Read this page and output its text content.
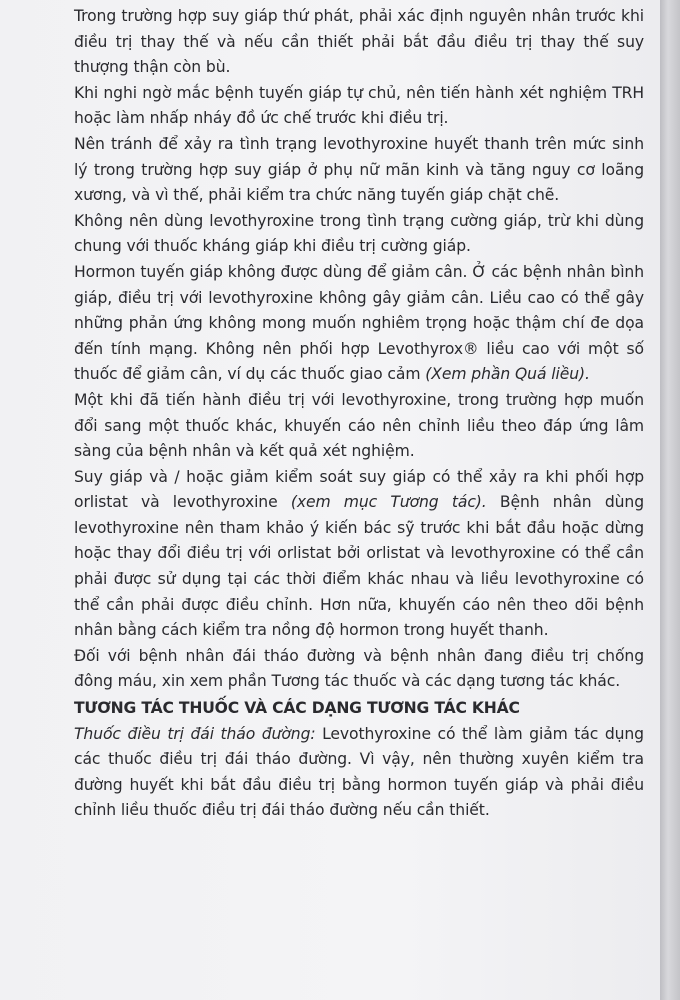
Trong trường hợp suy giáp thứ phát, phải xác định nguyên nhân trước khi điều trị thay thế và nếu cần thiết phải bắt đầu điều trị thay thế suy thượng thận còn bù.

Khi nghi ngờ mắc bệnh tuyến giáp tự chủ, nên tiến hành xét nghiệm TRH hoặc làm nhấp nháy đồ ức chế trước khi điều trị.

Nên tránh để xảy ra tình trạng levothyroxine huyết thanh trên mức sinh lý trong trường hợp suy giáp ở phụ nữ mãn kinh và tăng nguy cơ loãng xương, và vì thế, phải kiểm tra chức năng tuyến giáp chặt chẽ.

Không nên dùng levothyroxine trong tình trạng cường giáp, trừ khi dùng chung với thuốc kháng giáp khi điều trị cường giáp.

Hormon tuyến giáp không được dùng để giảm cân. Ở các bệnh nhân bình giáp, điều trị với levothyroxine không gây giảm cân. Liều cao có thể gây những phản ứng không mong muốn nghiêm trọng hoặc thậm chí đe dọa đến tính mạng. Không nên phối hợp Levothyrox® liều cao với một số thuốc để giảm cân, ví dụ các thuốc giao cảm (Xem phần Quá liều).

Một khi đã tiến hành điều trị với levothyroxine, trong trường hợp muốn đổi sang một thuốc khác, khuyến cáo nên chỉnh liều theo đáp ứng lâm sàng của bệnh nhân và kết quả xét nghiệm.

Suy giáp và / hoặc giảm kiểm soát suy giáp có thể xảy ra khi phối hợp orlistat và levothyroxine (xem mục Tương tác). Bệnh nhân dùng levothyroxine nên tham khảo ý kiến bác sỹ trước khi bắt đầu hoặc dừng hoặc thay đổi điều trị với orlistat bởi orlistat và levothyroxine có thể cần phải được sử dụng tại các thời điểm khác nhau và liều levothyroxine có thể cần phải được điều chỉnh. Hơn nữa, khuyến cáo nên theo dõi bệnh nhân bằng cách kiểm tra nồng độ hormon trong huyết thanh.

Đối với bệnh nhân đái tháo đường và bệnh nhân đang điều trị chống đông máu, xin xem phần Tương tác thuốc và các dạng tương tác khác.

TƯƠNG TÁC THUỐC VÀ CÁC DẠNG TƯƠNG TÁC KHÁC

Thuốc điều trị đái tháo đường: Levothyroxine có thể làm giảm tác dụng các thuốc điều trị đái tháo đường. Vì vậy, nên thường xuyên kiểm tra đường huyết khi bắt đầu điều trị bằng hormon tuyến giáp và phải điều chỉnh liều thuốc điều trị đái tháo đường nếu cần thiết.
